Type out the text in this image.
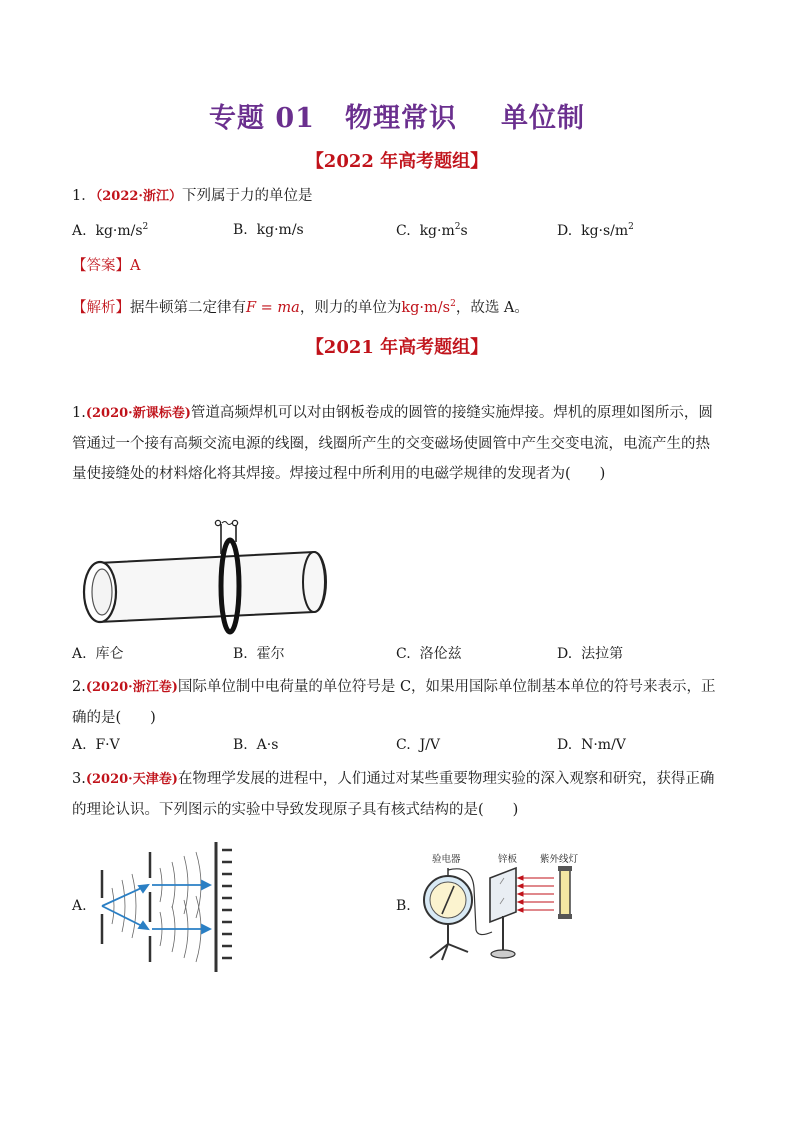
专题 01 物理常识 单位制
【2022 年高考题组】
1．（2022·浙江）下列属于力的单位是
A. $kg\cdot m/s^2$	B. kg·m/s	C. $kg\cdot m^2s$	D. $kg\cdot s/m^2$
【答案】A
【解析】据牛顿第二定律有F = ma，则力的单位为$kg\cdot m/s^2$，故选 A。
【2021 年高考题组】
1.(2020·新课标卷)管道高频焊机可以对由钢板卷成的圆管的接缝实施焊接。焊机的原理如图所示，圆管通过一个接有高频交流电源的线圈，线圈所产生的交变磁场使圆管中产生交变电流，电流产生的热量使接缝处的材料熔化将其焊接。焊接过程中所利用的电磁学规律的发现者为(　　)
A. 库仑	B. 霍尔	C. 洛伦兹	D. 法拉第
2.(2020·浙江卷)国际单位制中电荷量的单位符号是 C，如果用国际单位制基本单位的符号来表示，正确的是(　　)
A. F·V	B. A·s	C. J/V	D. N·m/V
3.(2020·天津卷)在物理学发展的进程中，人们通过对某些重要物理实验的深入观察和研究，获得正确的理论认识。下列图示的实验中导致发现原子具有核式结构的是(　　)
A.	B.
验电器	锌板 紫外线灯
